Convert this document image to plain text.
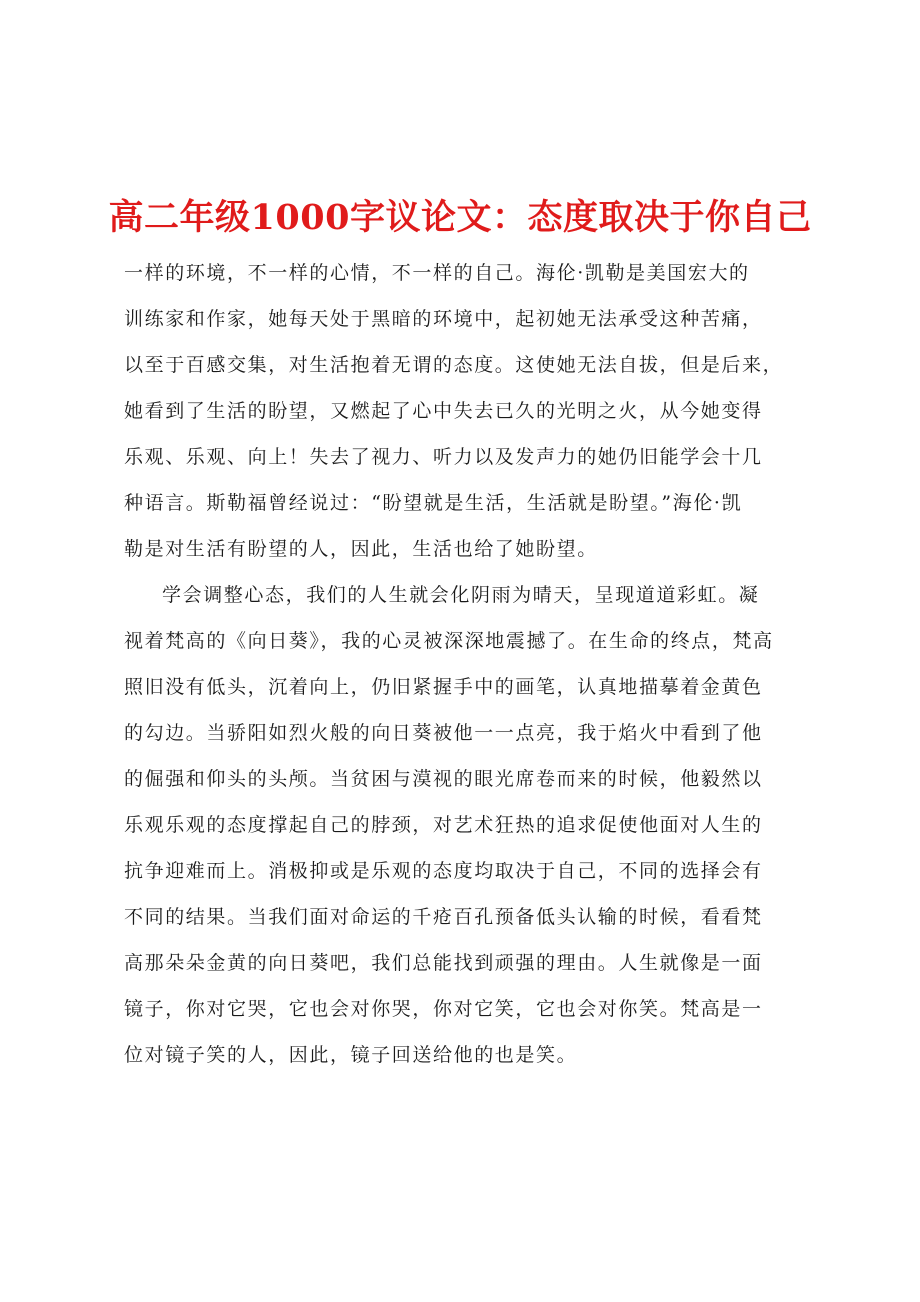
高二年级1000字议论文：态度取决于你自己
一样的环境，不一样的心情，不一样的自己。海伦·凯勒是美国宏大的
训练家和作家，她每天处于黑暗的环境中，起初她无法承受这种苦痛，
以至于百感交集，对生活抱着无谓的态度。这使她无法自拔，但是后来，
她看到了生活的盼望，又燃起了心中失去已久的光明之火，从今她变得
乐观、乐观、向上！失去了视力、听力以及发声力的她仍旧能学会十几
种语言。斯勒福曾经说过：“盼望就是生活，生活就是盼望。”海伦·凯
勒是对生活有盼望的人，因此，生活也给了她盼望。
学会调整心态，我们的人生就会化阴雨为晴天，呈现道道彩虹。凝
视着梵高的《向日葵》，我的心灵被深深地震撼了。在生命的终点，梵高
照旧没有低头，沉着向上，仍旧紧握手中的画笔，认真地描摹着金黄色
的勾边。当骄阳如烈火般的向日葵被他一一点亮，我于焰火中看到了他
的倔强和仰头的头颅。当贫困与漠视的眼光席卷而来的时候，他毅然以
乐观乐观的态度撑起自己的脖颈，对艺术狂热的追求促使他面对人生的
抗争迎难而上。消极抑或是乐观的态度均取决于自己，不同的选择会有
不同的结果。当我们面对命运的千疮百孔预备低头认输的时候，看看梵
高那朵朵金黄的向日葵吧，我们总能找到顽强的理由。人生就像是一面
镜子，你对它哭，它也会对你哭，你对它笑，它也会对你笑。梵高是一
位对镜子笑的人，因此，镜子回送给他的也是笑。
